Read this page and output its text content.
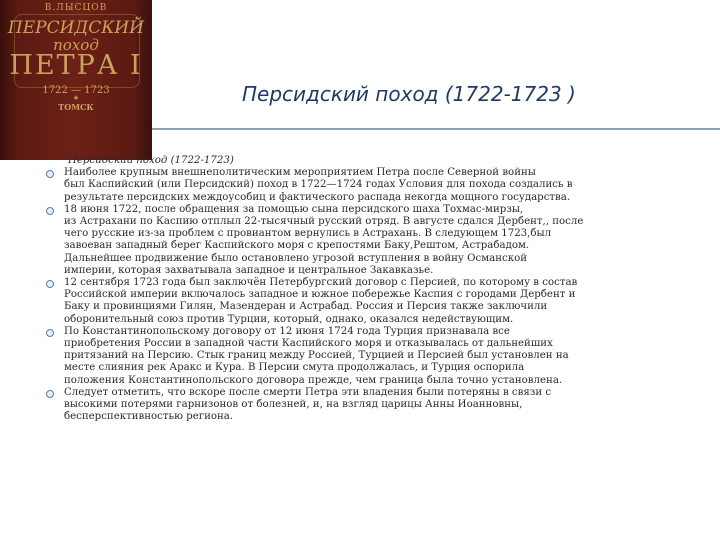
В.ЛЫСЦОВ
ПЕРСИДСКИЙ
поход
ПЕТРА I
1722 — 1723
★
ТОМСК
Персидский поход (1722-1723 )
Персидский поход (1722-1723)
Наиболее крупным внешнеполитическим мероприятием Петра после Северной войны
был Каспийский (или Персидский) поход в 1722—1724 годах Условия для похода создались в
результате персидских междоусобиц и фактического распада некогда мощного государства.
18 июня 1722, после обращения за помощью сына персидского шаха Тохмас-мирзы,
из Астрахани по Каспию отплыл 22-тысячный русский отряд. В августе сдался Дербент,, после
чего русские из-за проблем с провиантом вернулись в Астрахань. В следующем 1723,был
завоеван западный берег Каспийского моря с крепостями Баку,Рештом, Астрабадом.
Дальнейшее продвижение было остановлено угрозой вступления в войну Османской
империи, которая захватывала западное и центральное Закавказье.
12 сентября 1723 года был заключён Петербургский договор с Персией, по которому в состав
Российской империи включалось западное и южное побережье Каспия с городами Дербент и
Баку и провинциями Гилян, Мазендеран и Астрабад. Россия и Персия также заключили
оборонительный союз против Турции, который, однако, оказался недействующим.
По Константинопольскому договору от 12 июня 1724 года Турция признавала все
приобретения России в западной части Каспийского моря и отказывалась от дальнейших
притязаний на Персию. Стык границ между Россией, Турцией и Персией был установлен на
месте слияния рек Аракс и Кура. В Персии смута продолжалась, и Турция оспорила
положения Константинопольского договора прежде, чем граница была точно установлена.
Следует отметить, что вскоре после смерти Петра эти владения были потеряны в связи с
высокими потерями гарнизонов от болезней, и, на взгляд царицы Анны Иоанновны,
бесперспективностью региона.
